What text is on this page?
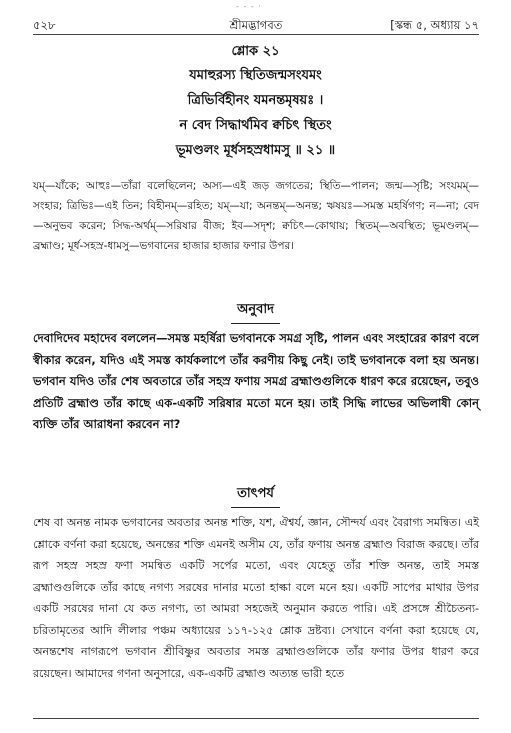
- - - ·
৫২৮	শ্রীমদ্ভাগবত	[স্কন্ধ ৫, অধ্যায় ১৭
শ্লোক ২১
যমাহুরস্য স্থিতিজন্মসংযমং
ত্রিভির্বিহীনং যমনন্তমৃষয়ঃ ।
ন বেদ সিদ্ধার্থমিব ক্বচিৎ স্থিতং
ভূমণ্ডলং মূর্ধসহস্রধামসু ॥ ২১ ॥

যম্—যাঁকে; আহুঃ—তাঁরা বলেছিলেন; অস্য—এই জড় জগতের; স্থিতি—পালন; জন্ম—সৃষ্টি; সংযমম্—সংহার; ত্রিভিঃ—এই তিন; বিহীনম্—রহিত; যম্—যা; অনন্তম্—অনন্ত; ঋষয়ঃ—সমস্ত মহর্ষিগণ; ন—না; বেদ—অনুভব করেন; সিদ্ধ-অর্থম্—সরিষার বীজ; ইব—সদৃশ; ক্বচিৎ—কোথায়; স্থিতম্—অবস্থিত; ভূমণ্ডলম্—ব্রহ্মাণ্ড; মূর্ধ-সহস্র-ধামসু—ভগবানের হাজার হাজার ফণার উপর।

অনুবাদ

দেবাদিদেব মহাদেব বললেন—সমস্ত মহর্ষিরা ভগবানকে সমগ্র সৃষ্টি, পালন এবং সংহারের কারণ বলে স্বীকার করেন, যদিও এই সমস্ত কার্যকলাপে তাঁর করণীয় কিছু নেই। তাই ভগবানকে বলা হয় অনন্ত। ভগবান যদিও তাঁর শেষ অবতারে তাঁর সহস্র ফণায় সমগ্র ব্রহ্মাণ্ডগুলিকে ধারণ করে রয়েছেন, তবুও প্রতিটি ব্রহ্মাণ্ড তাঁর কাছে এক-একটি সরিষার মতো মনে হয়। তাই সিদ্ধি লাভের অভিলাষী কোন্ ব্যক্তি তাঁর আরাধনা করবেন না?

তাৎপর্য

শেষ বা অনন্ত নামক ভগবানের অবতার অনন্ত শক্তি, যশ, ঐশ্বর্য, জ্ঞান, সৌন্দর্য এবং বৈরাগ্য সমন্বিত। এই শ্লোকে বর্ণনা করা হয়েছে, অনন্তের শক্তি এমনই অসীম যে, তাঁর ফণায় অনন্ত ব্রহ্মাণ্ড বিরাজ করছে। তাঁর রূপ সহস্র সহস্র ফণা সমন্বিত একটি সর্পের মতো, এবং যেহেতু তাঁর শক্তি অনন্ত, তাই সমস্ত ব্রহ্মাণ্ডগুলিকে তাঁর কাছে নগণ্য সরষের দানার মতো হাল্কা বলে মনে হয়। একটি সাপের মাথার উপর একটি সরষের দানা যে কত নগণ্য, তা আমরা সহজেই অনুমান করতে পারি। এই প্রসঙ্গে শ্রীচৈতন্য-চরিতামৃতের আদি লীলার পঞ্চম অধ্যায়ের ১১৭-১২৫ শ্লোক দ্রষ্টব্য। সেখানে বর্ণনা করা হয়েছে যে, অনন্তশেষ নাগরূপে ভগবান শ্রীবিষ্ণুর অবতার সমস্ত ব্রহ্মাণ্ডগুলিকে তাঁর ফণার উপর ধারণ করে রয়েছেন। আমাদের গণনা অনুসারে, এক-একটি ব্রহ্মাণ্ড অত্যন্ত ভারী হতে
